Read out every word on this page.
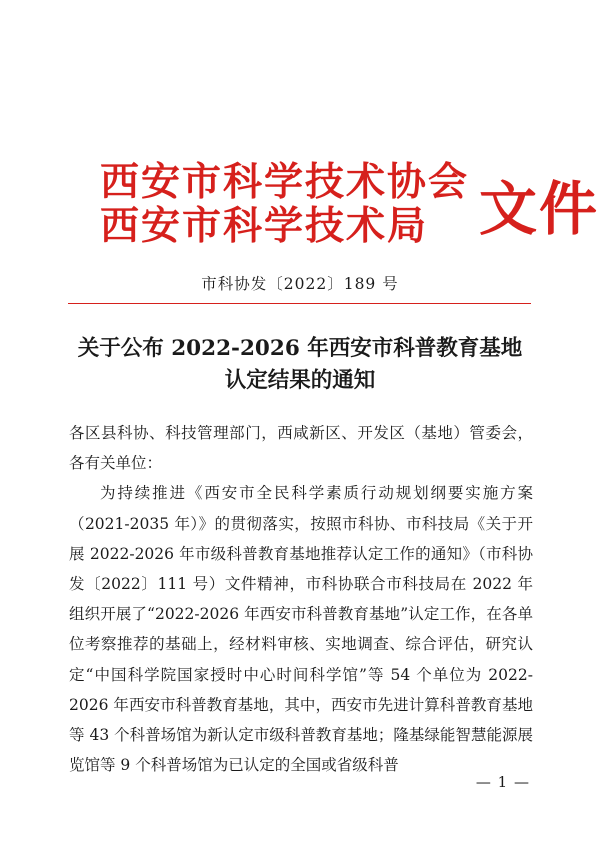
西安市科学技术协会
西安市科学技术局 文件
市科协发〔2022〕189 号
关于公布 2022-2026 年西安市科普教育基地
认定结果的通知

各区县科协、科技管理部门，西咸新区、开发区（基地）管委会，各有关单位：

为持续推进《西安市全民科学素质行动规划纲要实施方案（2021-2035 年）》的贯彻落实，按照市科协、市科技局《关于开展 2022-2026 年市级科普教育基地推荐认定工作的通知》（市科协发〔2022〕111 号）文件精神，市科协联合市科技局在 2022 年组织开展了“2022-2026 年西安市科普教育基地”认定工作，在各单位考察推荐的基础上，经材料审核、实地调查、综合评估，研究认定“中国科学院国家授时中心时间科学馆”等 54 个单位为 2022-2026 年西安市科普教育基地，其中，西安市先进计算科普教育基地等 43 个科普场馆为新认定市级科普教育基地；隆基绿能智慧能源展览馆等 9 个科普场馆为已认定的全国或省级科普

— 1 —
